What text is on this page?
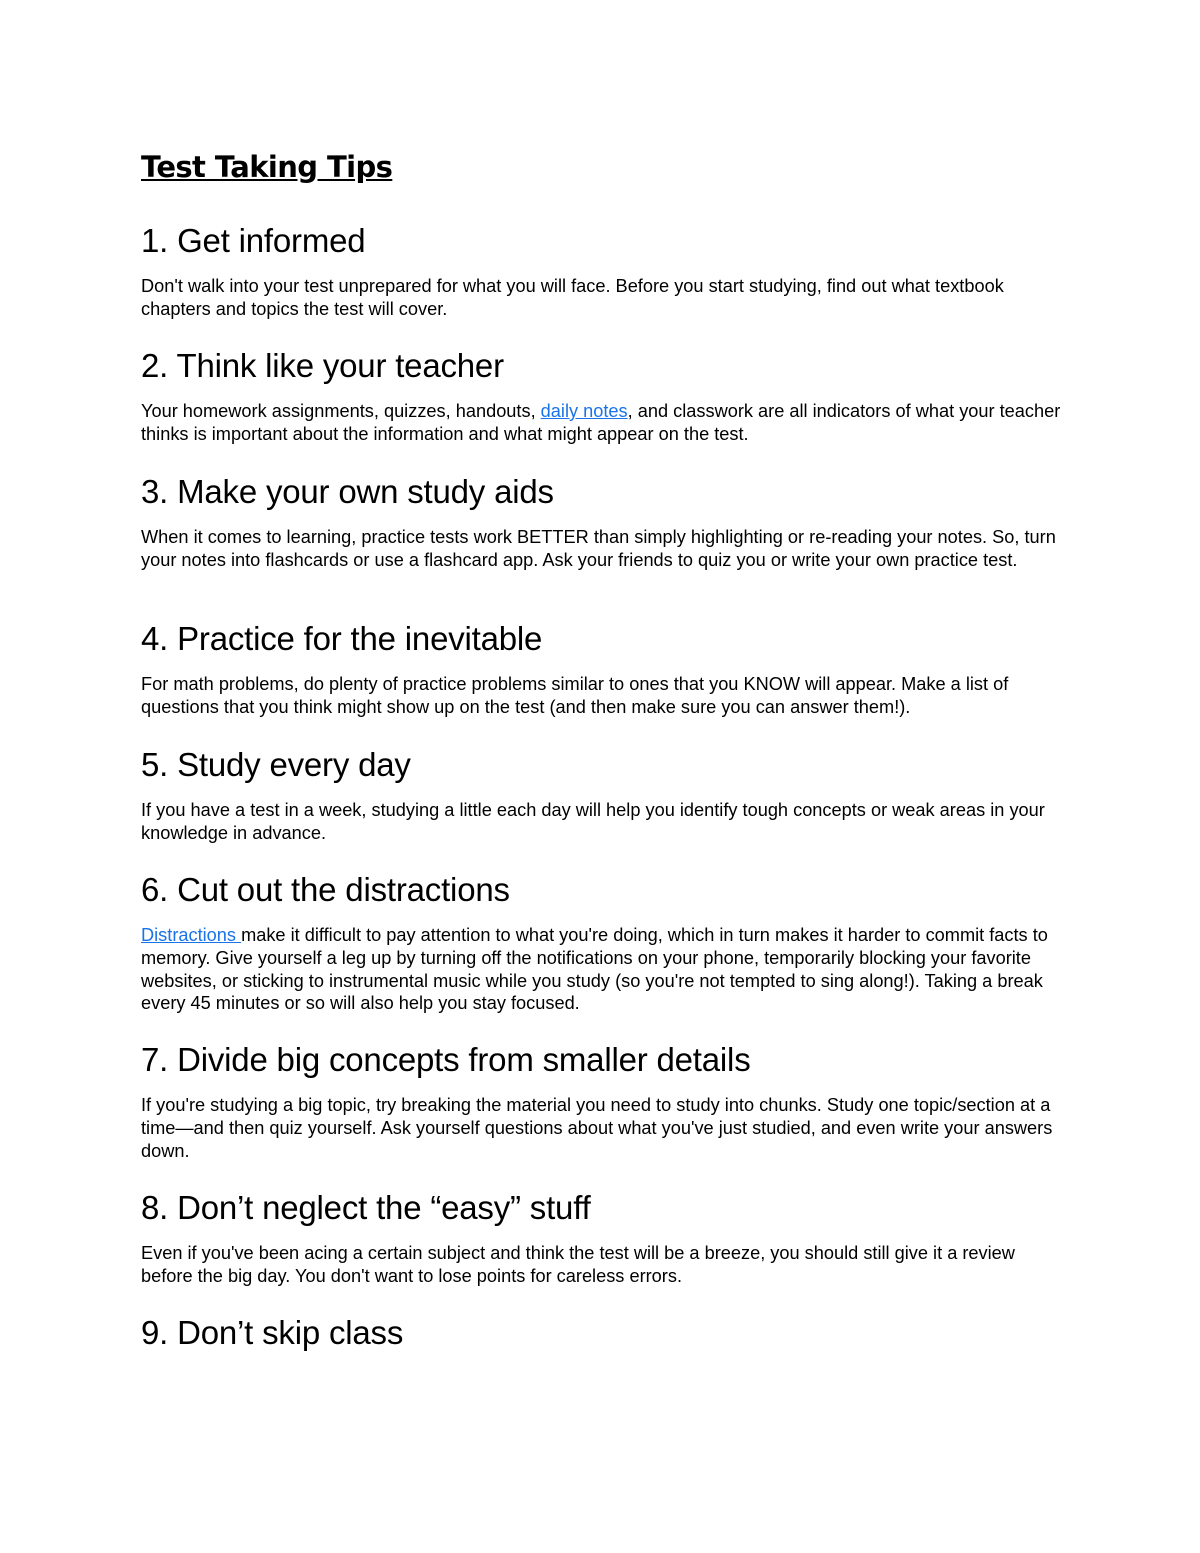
Test Taking Tips
1. Get informed

Don't walk into your test unprepared for what you will face. Before you start studying, find out what textbook chapters and topics the test will cover.

2. Think like your teacher

Your homework assignments, quizzes, handouts, daily notes, and classwork are all indicators of what your teacher thinks is important about the information and what might appear on the test.

3. Make your own study aids

When it comes to learning, practice tests work BETTER than simply highlighting or re-reading your notes. So, turn your notes into flashcards or use a flashcard app. Ask your friends to quiz you or write your own practice test.

4. Practice for the inevitable

For math problems, do plenty of practice problems similar to ones that you KNOW will appear. Make a list of questions that you think might show up on the test (and then make sure you can answer them!).

5. Study every day

If you have a test in a week, studying a little each day will help you identify tough concepts or weak areas in your knowledge in advance.

6. Cut out the distractions

Distractions make it difficult to pay attention to what you're doing, which in turn makes it harder to commit facts to memory. Give yourself a leg up by turning off the notifications on your phone, temporarily blocking your favorite websites, or sticking to instrumental music while you study (so you're not tempted to sing along!). Taking a break every 45 minutes or so will also help you stay focused.

7. Divide big concepts from smaller details

If you're studying a big topic, try breaking the material you need to study into chunks. Study one topic/section at a time—and then quiz yourself. Ask yourself questions about what you've just studied, and even write your answers down.

8. Don’t neglect the “easy” stuff

Even if you've been acing a certain subject and think the test will be a breeze, you should still give it a review before the big day. You don't want to lose points for careless errors.

9. Don’t skip class
